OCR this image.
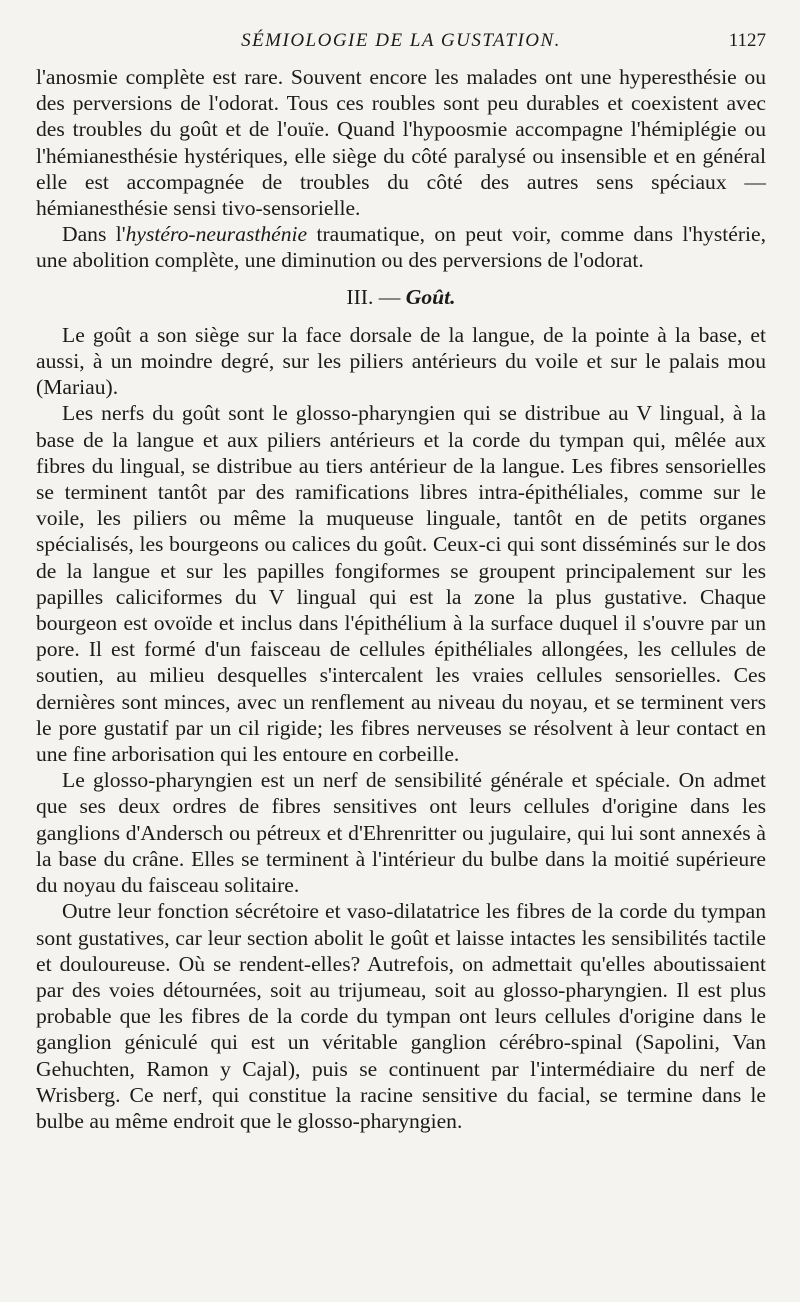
SÉMIOLOGIE DE LA GUSTATION.	1127

l'anosmie complète est rare. Souvent encore les malades ont une hyperesthésie ou des perversions de l'odorat. Tous ces roubles sont peu durables et coexistent avec des troubles du goût et de l'ouïe. Quand l'hypoosmie accompagne l'hémiplégie ou l'hémianesthésie hystériques, elle siège du côté paralysé ou insensible et en général elle est accompagnée de troubles du côté des autres sens spéciaux — hémianesthésie sensi tivo-sensorielle.

Dans l'hystéro-neurasthénie traumatique, on peut voir, comme dans l'hystérie, une abolition complète, une diminution ou des perversions de l'odorat.

III. — Goût.

Le goût a son siège sur la face dorsale de la langue, de la pointe à la base, et aussi, à un moindre degré, sur les piliers antérieurs du voile et sur le palais mou (Mariau).

Les nerfs du goût sont le glosso-pharyngien qui se distribue au V lingual, à la base de la langue et aux piliers antérieurs et la corde du tympan qui, mêlée aux fibres du lingual, se distribue au tiers antérieur de la langue. Les fibres sensorielles se terminent tantôt par des ramifications libres intra-épithéliales, comme sur le voile, les piliers ou même la muqueuse linguale, tantôt en de petits organes spécialisés, les bourgeons ou calices du goût. Ceux-ci qui sont disséminés sur le dos de la langue et sur les papilles fongiformes se groupent principalement sur les papilles caliciformes du V lingual qui est la zone la plus gustative. Chaque bourgeon est ovoïde et inclus dans l'épithélium à la surface duquel il s'ouvre par un pore. Il est formé d'un faisceau de cellules épithéliales allongées, les cellules de soutien, au milieu desquelles s'intercalent les vraies cellules sensorielles. Ces dernières sont minces, avec un renflement au niveau du noyau, et se terminent vers le pore gustatif par un cil rigide; les fibres nerveuses se résolvent à leur contact en une fine arborisation qui les entoure en corbeille.

Le glosso-pharyngien est un nerf de sensibilité générale et spéciale. On admet que ses deux ordres de fibres sensitives ont leurs cellules d'origine dans les ganglions d'Andersch ou pétreux et d'Ehrenritter ou jugulaire, qui lui sont annexés à la base du crâne. Elles se terminent à l'intérieur du bulbe dans la moitié supérieure du noyau du faisceau solitaire.

Outre leur fonction sécrétoire et vaso-dilatatrice les fibres de la corde du tympan sont gustatives, car leur section abolit le goût et laisse intactes les sensibilités tactile et douloureuse. Où se rendent-elles? Autrefois, on admettait qu'elles aboutissaient par des voies détournées, soit au trijumeau, soit au glosso-pharyngien. Il est plus probable que les fibres de la corde du tympan ont leurs cellules d'origine dans le ganglion géniculé qui est un véritable ganglion cérébro-spinal (Sapolini, Van Gehuchten, Ramon y Cajal), puis se continuent par l'intermédiaire du nerf de Wrisberg. Ce nerf, qui constitue la racine sensitive du facial, se termine dans le bulbe au même endroit que le glosso-pharyngien.
